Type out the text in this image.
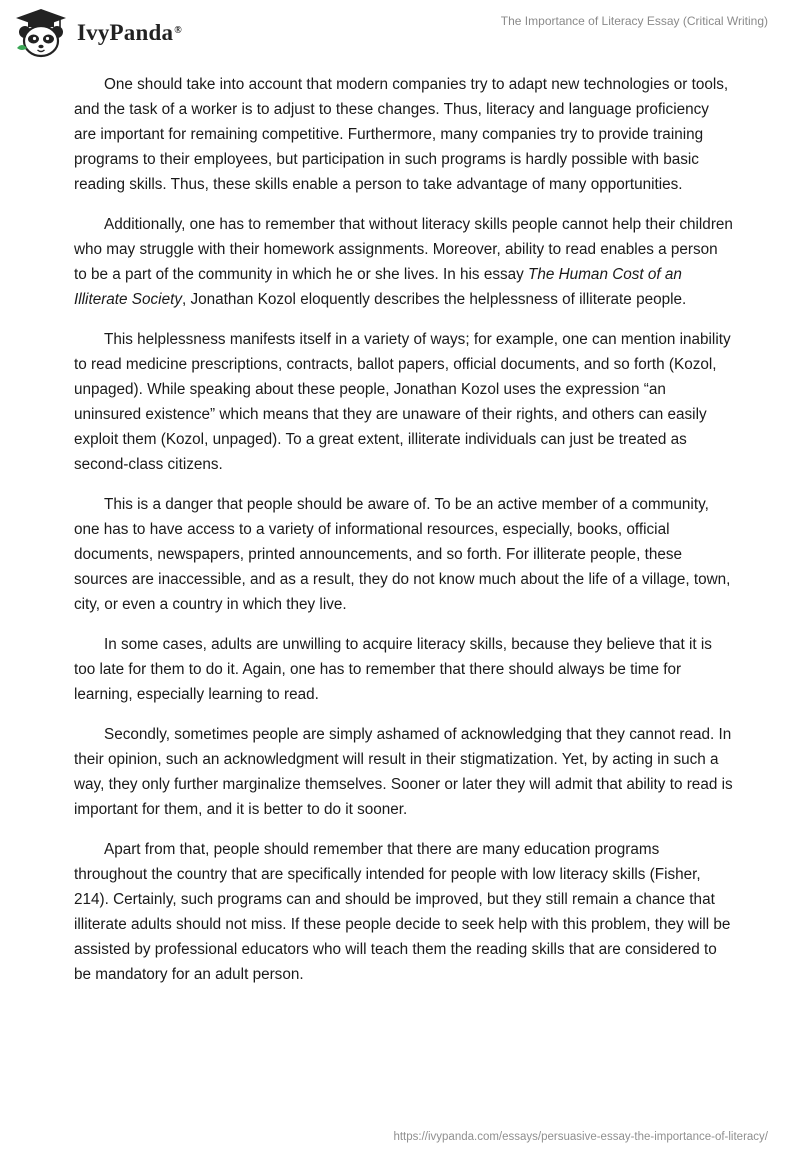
IvyPanda®
The Importance of Literacy Essay (Critical Writing)

One should take into account that modern companies try to adapt new technologies or tools, and the task of a worker is to adjust to these changes. Thus, literacy and language proficiency are important for remaining competitive. Furthermore, many companies try to provide training programs to their employees, but participation in such programs is hardly possible with basic reading skills. Thus, these skills enable a person to take advantage of many opportunities.

Additionally, one has to remember that without literacy skills people cannot help their children who may struggle with their homework assignments. Moreover, ability to read enables a person to be a part of the community in which he or she lives. In his essay The Human Cost of an Illiterate Society, Jonathan Kozol eloquently describes the helplessness of illiterate people.

This helplessness manifests itself in a variety of ways; for example, one can mention inability to read medicine prescriptions, contracts, ballot papers, official documents, and so forth (Kozol, unpaged). While speaking about these people, Jonathan Kozol uses the expression “an uninsured existence” which means that they are unaware of their rights, and others can easily exploit them (Kozol, unpaged). To a great extent, illiterate individuals can just be treated as second-class citizens.

This is a danger that people should be aware of. To be an active member of a community, one has to have access to a variety of informational resources, especially, books, official documents, newspapers, printed announcements, and so forth. For illiterate people, these sources are inaccessible, and as a result, they do not know much about the life of a village, town, city, or even a country in which they live.

In some cases, adults are unwilling to acquire literacy skills, because they believe that it is too late for them to do it. Again, one has to remember that there should always be time for learning, especially learning to read.

Secondly, sometimes people are simply ashamed of acknowledging that they cannot read. In their opinion, such an acknowledgment will result in their stigmatization. Yet, by acting in such a way, they only further marginalize themselves. Sooner or later they will admit that ability to read is important for them, and it is better to do it sooner.

Apart from that, people should remember that there are many education programs throughout the country that are specifically intended for people with low literacy skills (Fisher, 214). Certainly, such programs can and should be improved, but they still remain a chance that illiterate adults should not miss. If these people decide to seek help with this problem, they will be assisted by professional educators who will teach them the reading skills that are considered to be mandatory for an adult person.

https://ivypanda.com/essays/persuasive-essay-the-importance-of-literacy/
